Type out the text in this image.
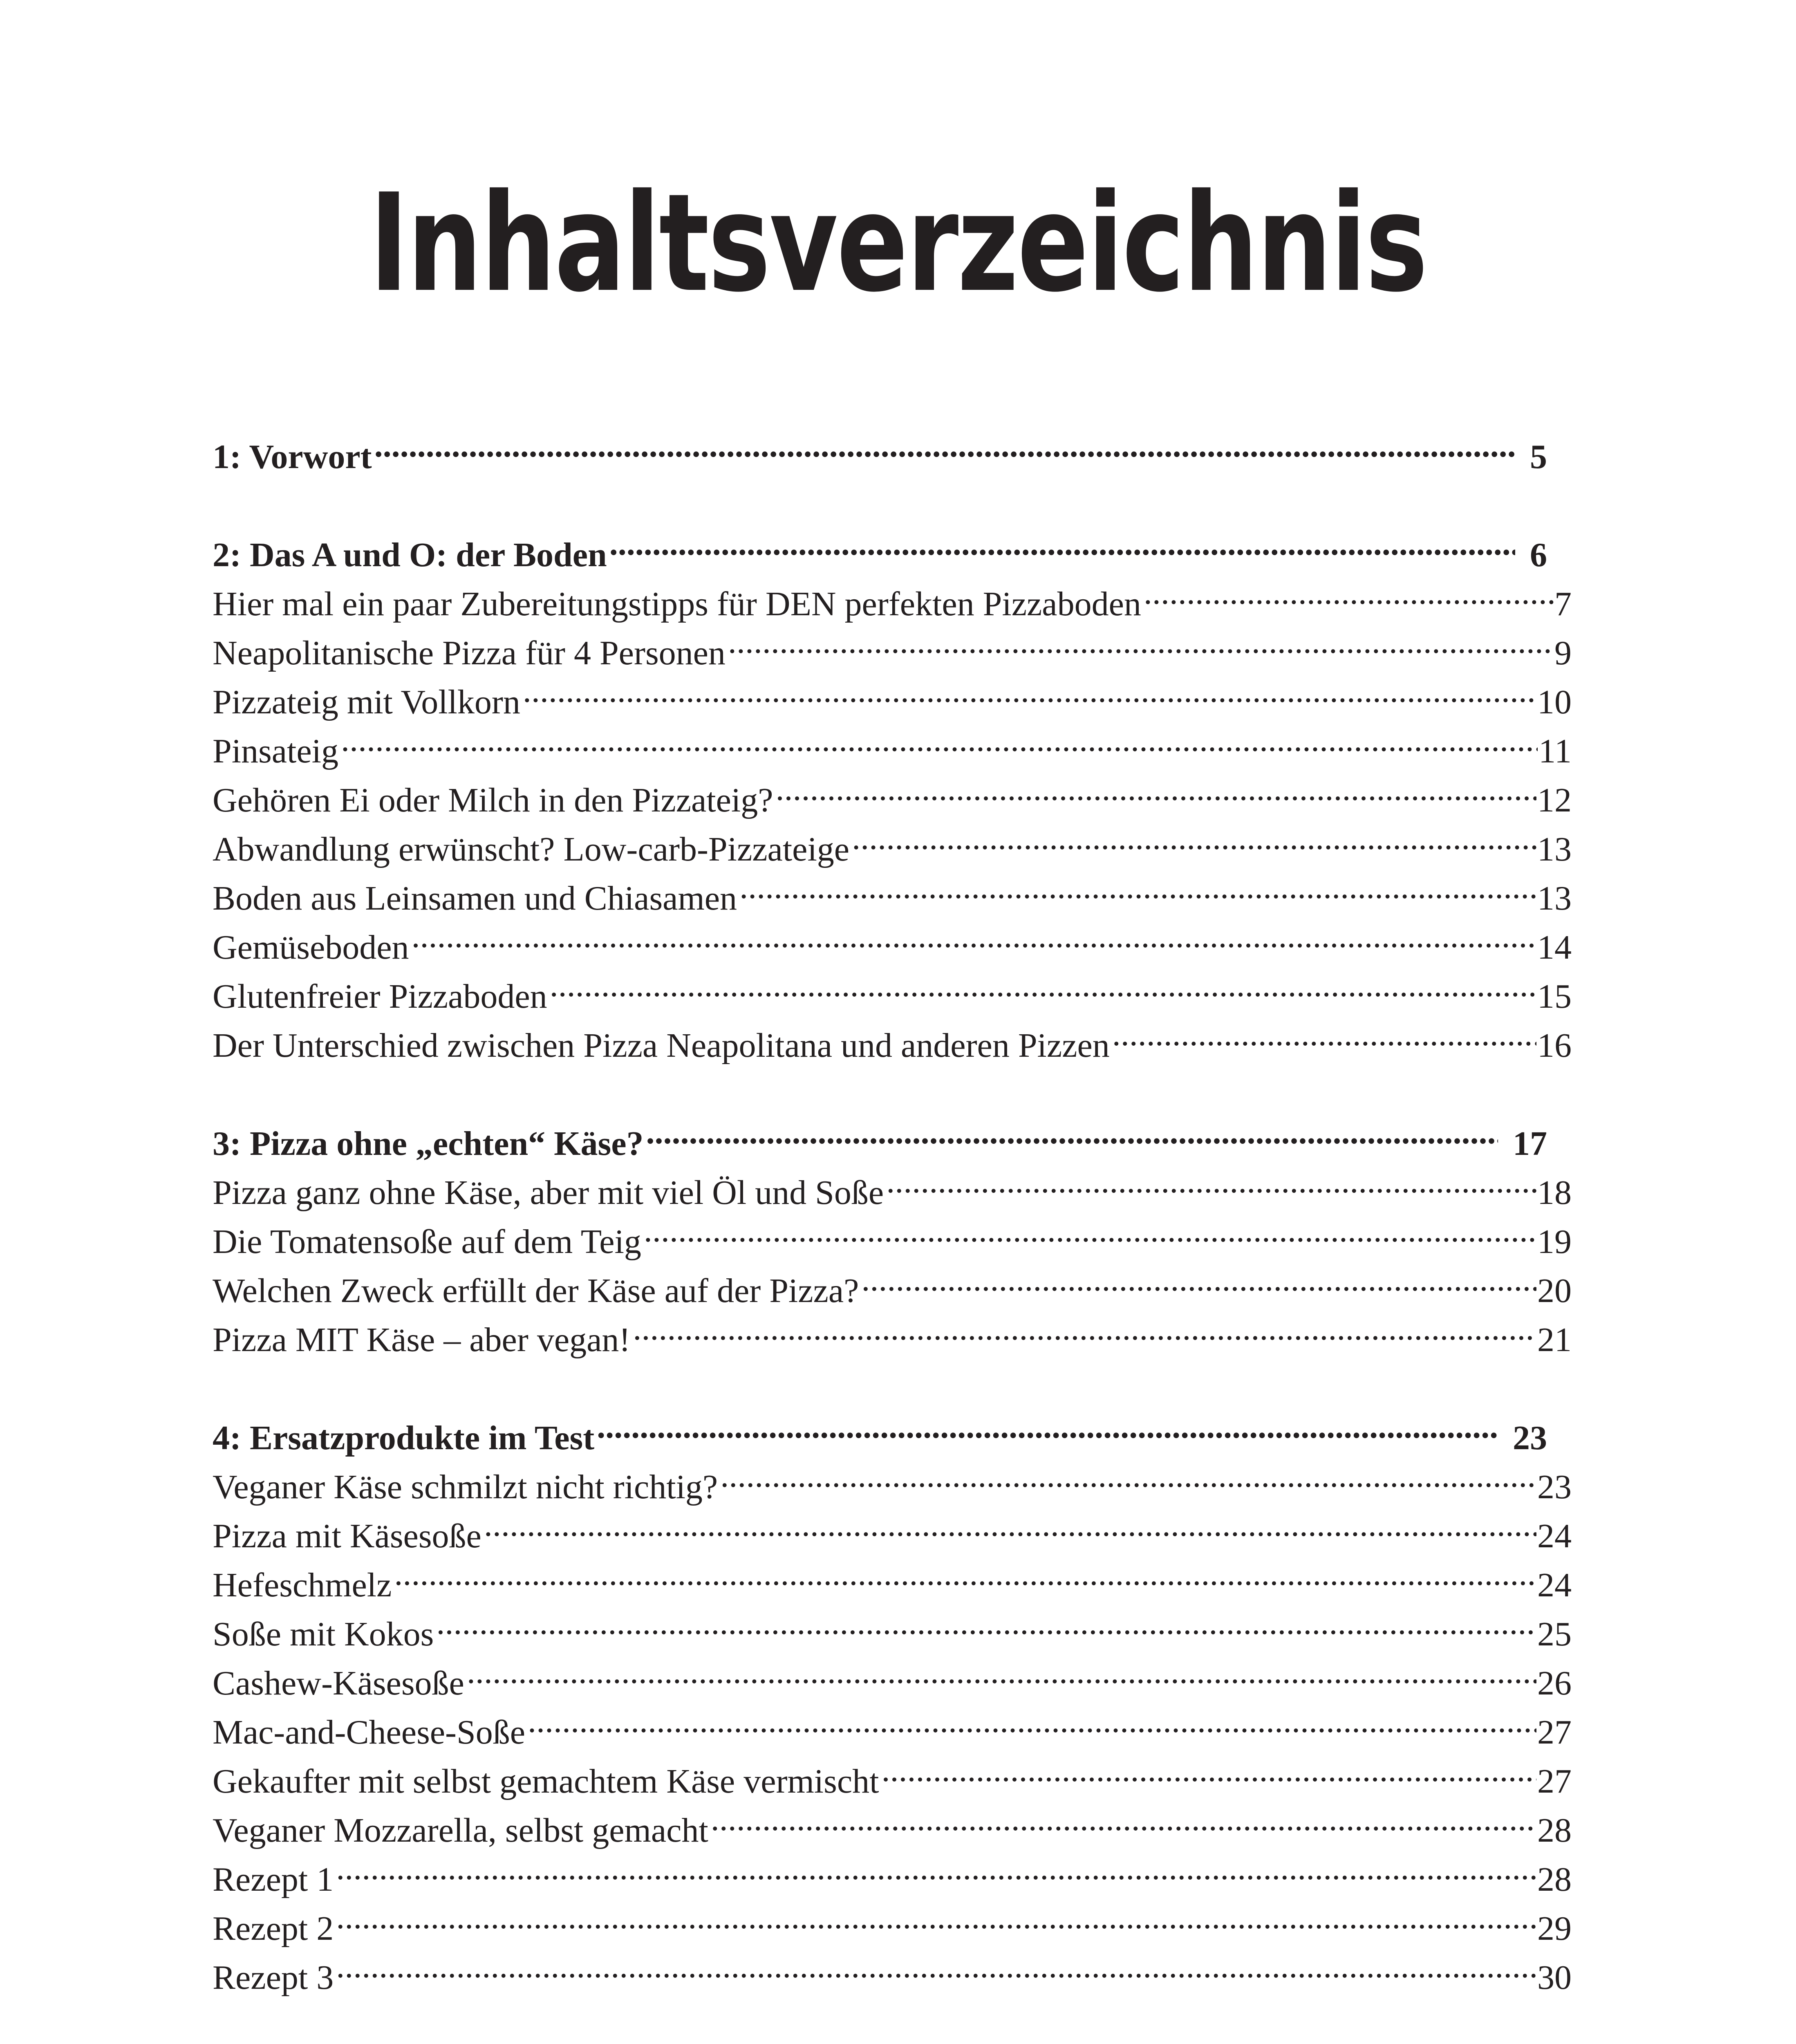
Inhaltsverzeichnis
1: Vorwort .....	5
2: Das A und O: der Boden .....	6
Hier mal ein paar Zubereitungstipps für DEN perfekten Pizzaboden .....	7
Neapolitanische Pizza für 4 Personen .....	9
Pizzateig mit Vollkorn .....	10
Pinsateig .....	11
Gehören Ei oder Milch in den Pizzateig? .....	12
Abwandlung erwünscht? Low-carb-Pizzateige .....	13
Boden aus Leinsamen und Chiasamen .....	13
Gemüseboden .....	14
Glutenfreier Pizzaboden .....	15
Der Unterschied zwischen Pizza Neapolitana und anderen Pizzen .....	16
3: Pizza ohne „echten“ Käse? .....	17
Pizza ganz ohne Käse, aber mit viel Öl und Soße .....	18
Die Tomatensoße auf dem Teig .....	19
Welchen Zweck erfüllt der Käse auf der Pizza? .....	20
Pizza MIT Käse – aber vegan! .....	21
4: Ersatzprodukte im Test .....	23
Veganer Käse schmilzt nicht richtig? .....	23
Pizza mit Käsesoße .....	24
Hefeschmelz .....	24
Soße mit Kokos .....	25
Cashew-Käsesoße .....	26
Mac-and-Cheese-Soße .....	27
Gekaufter mit selbst gemachtem Käse vermischt .....	27
Veganer Mozzarella, selbst gemacht .....	28
Rezept 1 .....	28
Rezept 2 .....	29
Rezept 3 .....	30
.....
